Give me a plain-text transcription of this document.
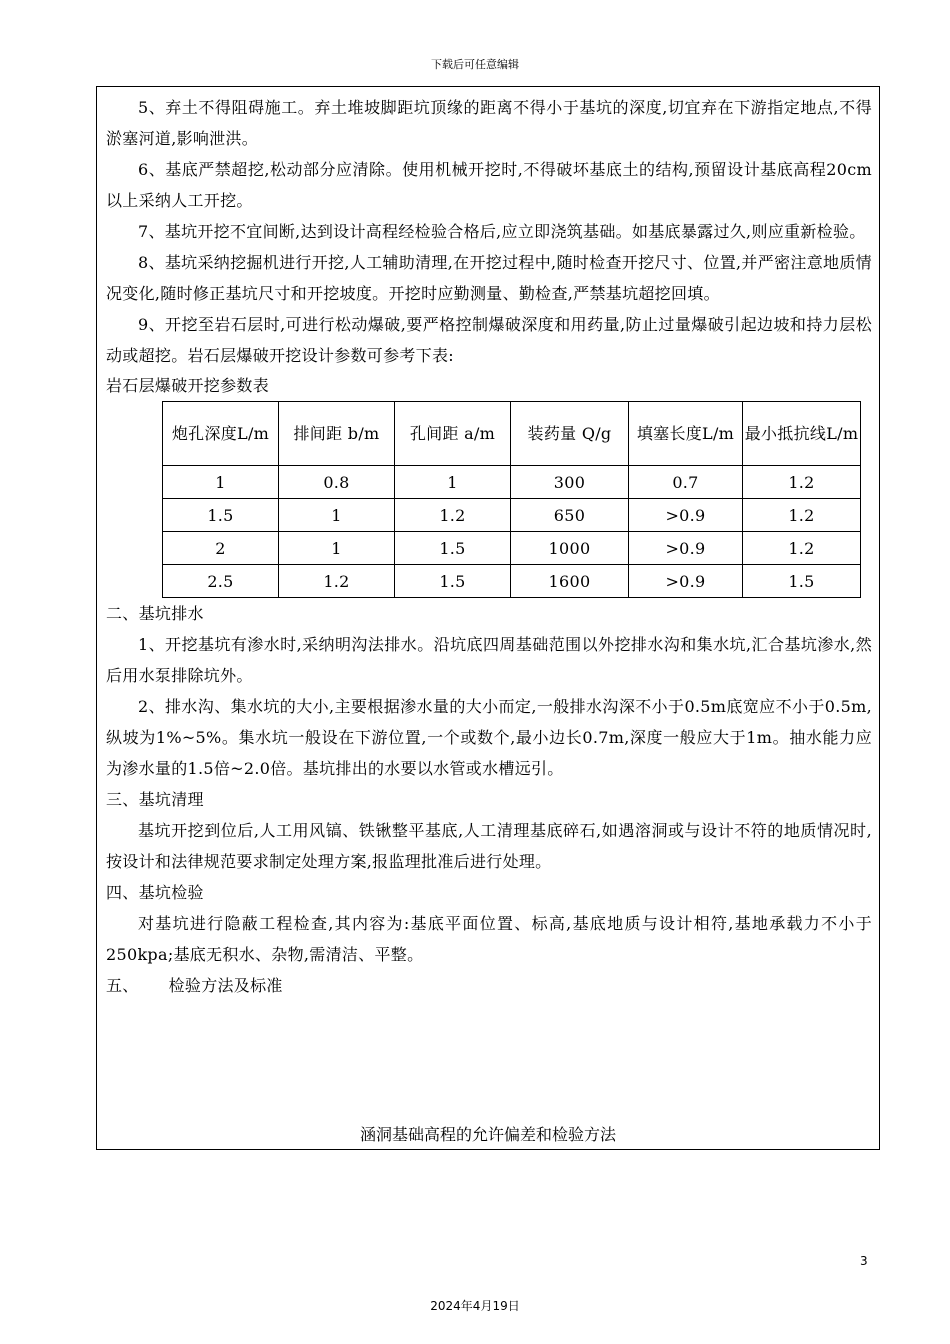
下载后可任意编辑

5、弃土不得阻碍施工。弃土堆坡脚距坑顶缘的距离不得小于基坑的深度,切宜弃在下游指定地点,不得淤塞河道,影响泄洪。

6、基底严禁超挖,松动部分应清除。使用机械开挖时,不得破坏基底土的结构,预留设计基底高程20cm以上采纳人工开挖。

7、基坑开挖不宜间断,达到设计高程经检验合格后,应立即浇筑基础。如基底暴露过久,则应重新检验。

8、基坑采纳挖掘机进行开挖,人工辅助清理,在开挖过程中,随时检查开挖尺寸、位置,并严密注意地质情况变化,随时修正基坑尺寸和开挖坡度。开挖时应勤测量、勤检查,严禁基坑超挖回填。

9、开挖至岩石层时,可进行松动爆破,要严格控制爆破深度和用药量,防止过量爆破引起边坡和持力层松动或超挖。岩石层爆破开挖设计参数可参考下表:

岩石层爆破开挖参数表

炮孔深度L/m	排间距 b/m	孔间距 a/m	装药量 Q/g	填塞长度L/m	最小抵抗线L/m
1	0.8	1	300	0.7	1.2
1.5	1	1.2	650	>0.9	1.2
2	1	1.5	1000	>0.9	1.2
2.5	1.2	1.5	1600	>0.9	1.5

二、基坑排水

1、开挖基坑有渗水时,采纳明沟法排水。沿坑底四周基础范围以外挖排水沟和集水坑,汇合基坑渗水,然后用水泵排除坑外。

2、排水沟、集水坑的大小,主要根据渗水量的大小而定,一般排水沟深不小于0.5m底宽应不小于0.5m,纵坡为1%~5%。集水坑一般设在下游位置,一个或数个,最小边长0.7m,深度一般应大于1m。抽水能力应为渗水量的1.5倍~2.0倍。基坑排出的水要以水管或水槽远引。

三、基坑清理

基坑开挖到位后,人工用风镐、铁锹整平基底,人工清理基底碎石,如遇溶洞或与设计不符的地质情况时,按设计和法律规范要求制定处理方案,报监理批准后进行处理。

四、基坑检验

对基坑进行隐蔽工程检查,其内容为:基底平面位置、标高,基底地质与设计相符,基地承载力不小于250kpa;基底无积水、杂物,需清洁、平整。

五、 检验方法及标准

涵洞基础高程的允许偏差和检验方法
3
2024年4月19日
